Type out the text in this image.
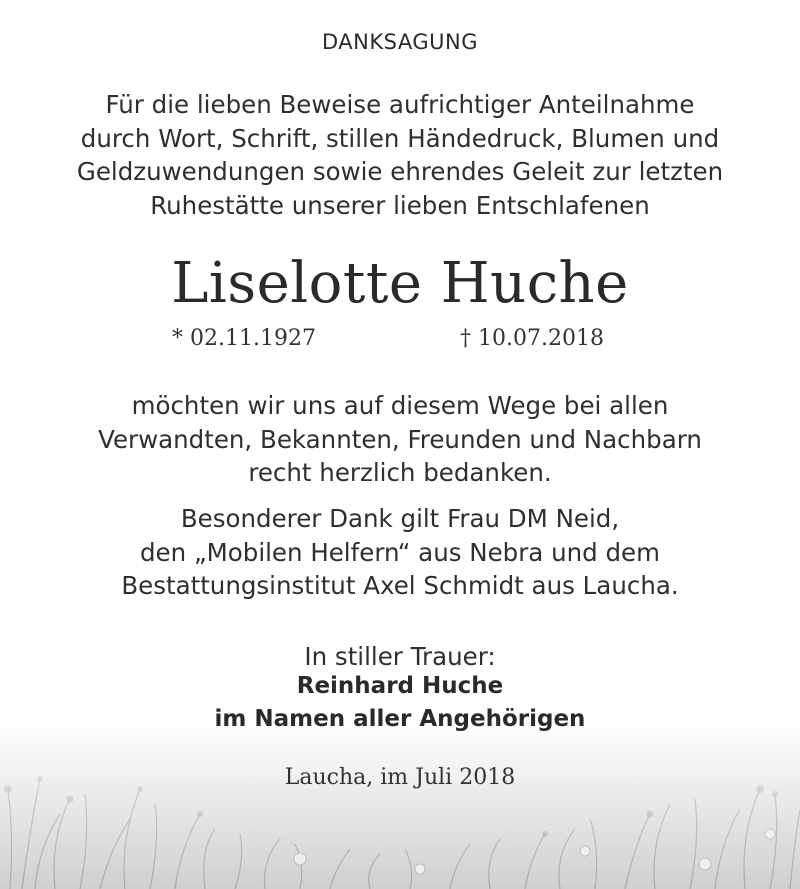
DANKSAGUNG
Für die lieben Beweise aufrichtiger Anteilnahme
durch Wort, Schrift, stillen Händedruck, Blumen und
Geldzuwendungen sowie ehrendes Geleit zur letzten
Ruhestätte unserer lieben Entschlafenen
Liselotte Huche
* 02.11.1927	† 10.07.2018
möchten wir uns auf diesem Wege bei allen
Verwandten, Bekannten, Freunden und Nachbarn
recht herzlich bedanken.
Besonderer Dank gilt Frau DM Neid,
den „Mobilen Helfern“ aus Nebra und dem
Bestattungsinstitut Axel Schmidt aus Laucha.
In stiller Trauer:
Reinhard Huche
im Namen aller Angehörigen
Laucha, im Juli 2018
